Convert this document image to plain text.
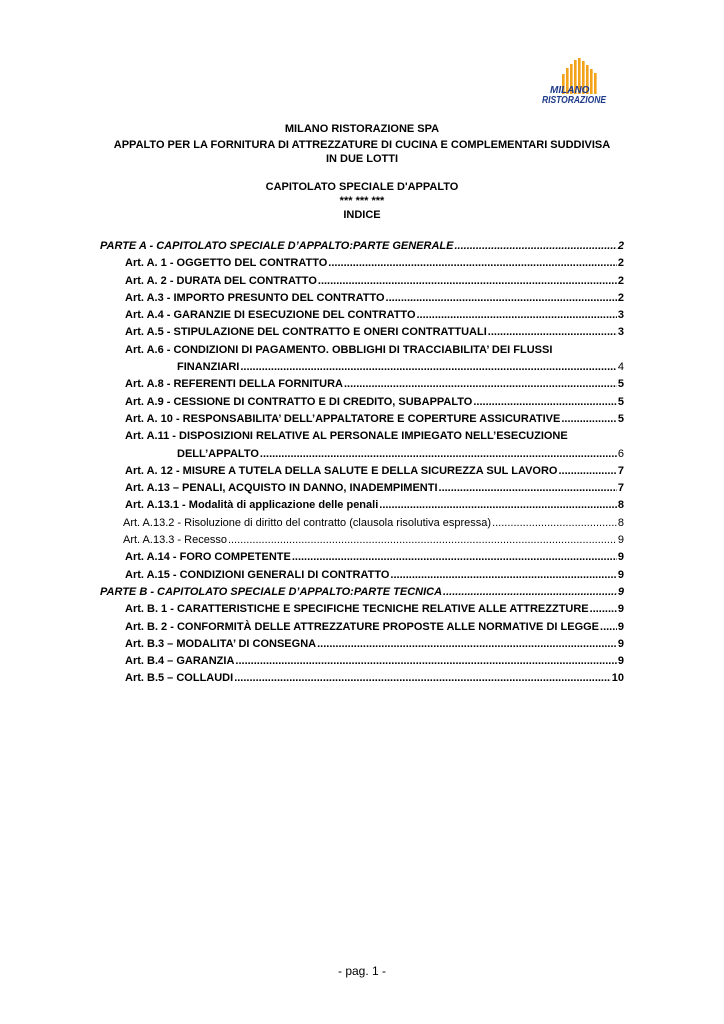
MILANO
RISTORAZIONE
MILANO RISTORAZIONE SPA
APPALTO PER LA FORNITURA DI ATTREZZATURE DI CUCINA E COMPLEMENTARI SUDDIVISA
IN DUE LOTTI
CAPITOLATO SPECIALE D'APPALTO
*** *** ***
INDICE
PARTE A - CAPITOLATO SPECIALE D’APPALTO:PARTE GENERALE .....	2
Art. A. 1 - OGGETTO DEL CONTRATTO .....	2
Art. A. 2 - DURATA DEL CONTRATTO .....	2
Art. A.3 - IMPORTO PRESUNTO DEL CONTRATTO .....	2
Art. A.4 - GARANZIE DI ESECUZIONE DEL CONTRATTO .....	3
Art. A.5 - STIPULAZIONE DEL CONTRATTO E ONERI CONTRATTUALI .....	3
Art. A.6 - CONDIZIONI DI PAGAMENTO. OBBLIGHI DI TRACCIABILITA’ DEI FLUSSI
FINANZIARI .....	4
Art. A.8 - REFERENTI DELLA FORNITURA .....	5
Art. A.9 - CESSIONE DI CONTRATTO E DI CREDITO, SUBAPPALTO .....	5
Art. A. 10 - RESPONSABILITA’ DELL’APPALTATORE E COPERTURE ASSICURATIVE .....	5
Art. A.11 - DISPOSIZIONI RELATIVE AL PERSONALE IMPIEGATO NELL’ESECUZIONE
DELL’APPALTO .....	6
Art. A. 12 - MISURE A TUTELA DELLA SALUTE E DELLA SICUREZZA SUL LAVORO .....	7
Art. A.13 – PENALI, ACQUISTO IN DANNO, INADEMPIMENTI .....	7
Art. A.13.1 - Modalità di applicazione delle penali .....	8
Art. A.13.2 - Risoluzione di diritto del contratto (clausola risolutiva espressa) .....	8
Art. A.13.3 - Recesso .....	9
Art. A.14 - FORO COMPETENTE .....	9
Art. A.15 - CONDIZIONI GENERALI DI CONTRATTO .....	9
PARTE B - CAPITOLATO SPECIALE D’APPALTO:PARTE TECNICA .....	9
Art. B. 1 - CARATTERISTICHE E SPECIFICHE TECNICHE RELATIVE ALLE ATTREZZTURE .....	9
Art. B. 2 - CONFORMITÀ DELLE ATTREZZATURE PROPOSTE ALLE NORMATIVE DI LEGGE ..... 9
Art. B.3 – MODALITA’ DI CONSEGNA .....	9
Art. B.4 – GARANZIA .....	9
Art. B.5 – COLLAUDI .....	10
- pag. 1 -
